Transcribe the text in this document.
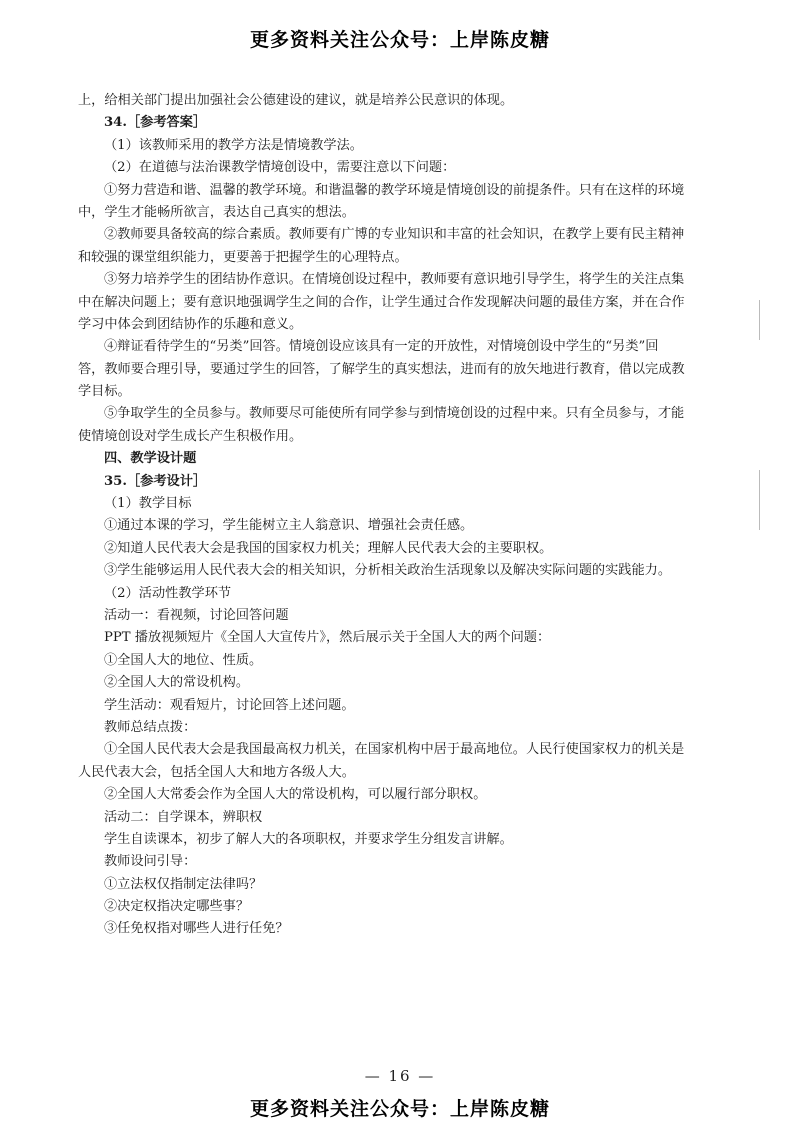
更多资料关注公众号：上岸陈皮糖
上，给相关部门提出加强社会公德建设的建议，就是培养公民意识的体现。
34.［参考答案］
（1）该教师采用的教学方法是情境教学法。
（2）在道德与法治课教学情境创设中，需要注意以下问题：
①努力营造和谐、温馨的教学环境。和谐温馨的教学环境是情境创设的前提条件。只有在这样的环境
中，学生才能畅所欲言，表达自己真实的想法。
②教师要具备较高的综合素质。教师要有广博的专业知识和丰富的社会知识，在教学上要有民主精神
和较强的课堂组织能力，更要善于把握学生的心理特点。
③努力培养学生的团结协作意识。在情境创设过程中，教师要有意识地引导学生，将学生的关注点集
中在解决问题上；要有意识地强调学生之间的合作，让学生通过合作发现解决问题的最佳方案，并在合作
学习中体会到团结协作的乐趣和意义。
④辩证看待学生的“另类”回答。情境创设应该具有一定的开放性，对情境创设中学生的“另类”回
答，教师要合理引导，要通过学生的回答，了解学生的真实想法，进而有的放矢地进行教育，借以完成教
学目标。
⑤争取学生的全员参与。教师要尽可能使所有同学参与到情境创设的过程中来。只有全员参与，才能
使情境创设对学生成长产生积极作用。
四、教学设计题
35.［参考设计］
（1）教学目标
①通过本课的学习，学生能树立主人翁意识、增强社会责任感。
②知道人民代表大会是我国的国家权力机关；理解人民代表大会的主要职权。
③学生能够运用人民代表大会的相关知识，分析相关政治生活现象以及解决实际问题的实践能力。
（2）活动性教学环节
活动一：看视频，讨论回答问题
PPT 播放视频短片《全国人大宣传片》，然后展示关于全国人大的两个问题：
①全国人大的地位、性质。
②全国人大的常设机构。
学生活动：观看短片，讨论回答上述问题。
教师总结点拨：
①全国人民代表大会是我国最高权力机关，在国家机构中居于最高地位。人民行使国家权力的机关是
人民代表大会，包括全国人大和地方各级人大。
②全国人大常委会作为全国人大的常设机构，可以履行部分职权。
活动二：自学课本，辨职权
学生自读课本，初步了解人大的各项职权，并要求学生分组发言讲解。
教师设问引导：
①立法权仅指制定法律吗？
②决定权指决定哪些事？
③任免权指对哪些人进行任免？
— 16 —
更多资料关注公众号：上岸陈皮糖
